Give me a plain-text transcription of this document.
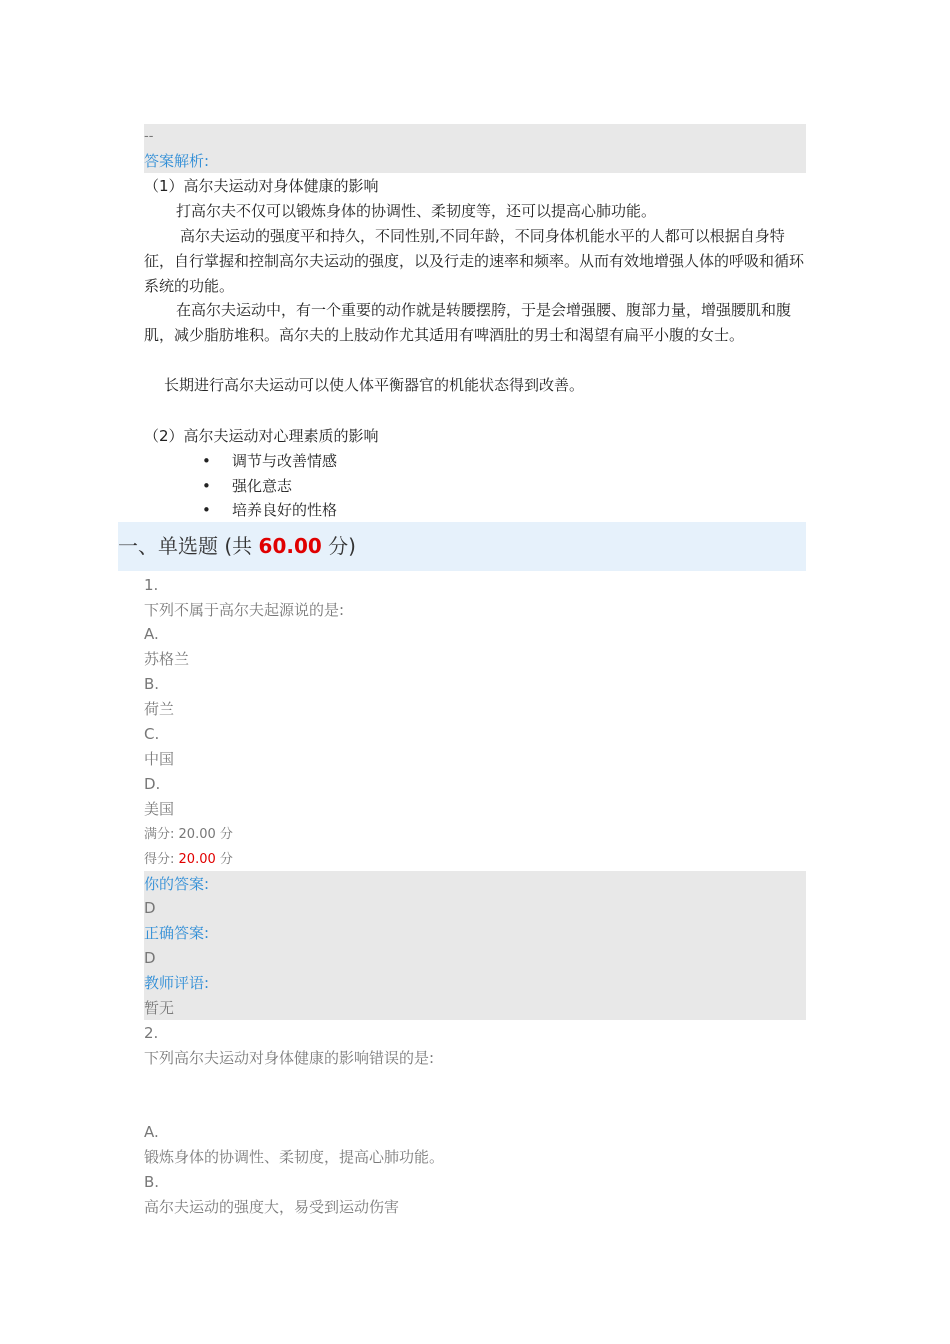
--
答案解析:
（1）高尔夫运动对身体健康的影响
打高尔夫不仅可以锻炼身体的协调性、柔韧度等，还可以提高心肺功能。
高尔夫运动的强度平和持久，不同性别,不同年龄，不同身体机能水平的人都可以根据自身特征，自行掌握和控制高尔夫运动的强度，以及行走的速率和频率。从而有效地增强人体的呼吸和循环系统的功能。
在高尔夫运动中，有一个重要的动作就是转腰摆胯，于是会增强腰、腹部力量，增强腰肌和腹肌，减少脂肪堆积。高尔夫的上肢动作尤其适用有啤酒肚的男士和渴望有扁平小腹的女士。
长期进行高尔夫运动可以使人体平衡器官的机能状态得到改善。
（2）高尔夫运动对心理素质的影响
• 调节与改善情感
• 强化意志
• 培养良好的性格
一、单选题 (共 60.00 分)
1.
下列不属于高尔夫起源说的是:
A.
苏格兰
B.
荷兰
C.
中国
D.
美国
满分: 20.00 分
得分: 20.00 分
你的答案:
D
正确答案:
D
教师评语:
暂无
2.
下列高尔夫运动对身体健康的影响错误的是:
A.
锻炼身体的协调性、柔韧度，提高心肺功能。
B.
高尔夫运动的强度大，易受到运动伤害
